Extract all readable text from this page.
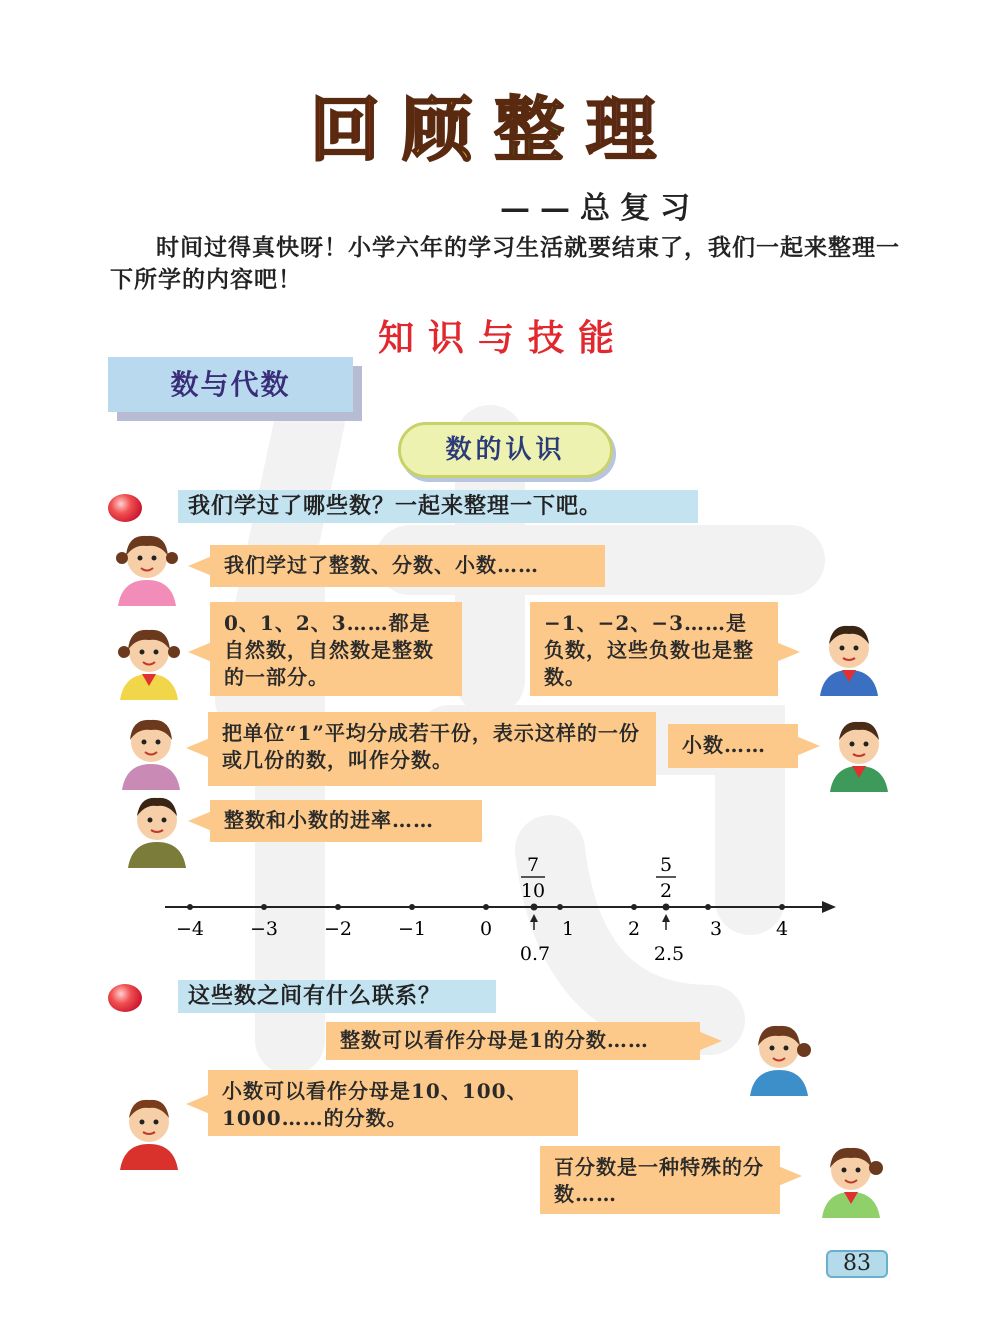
回 顾 整 理
——总复习

时间过得真快呀！小学六年的学习生活就要结束了，我们一起来整理一下所学的内容吧！

知识与技能
数与代数
数的认识
我们学过了哪些数？一起来整理一下吧。
我们学过了整数、分数、小数……
0、1、2、3……都是自然数，自然数是整数的一部分。
−1、−2、−3……是负数，这些负数也是整数。
把单位“1”平均分成若干份，表示这样的一份或几份的数，叫作分数。
小数……
整数和小数的进率……
−4 −3 −2 −1	0	1	2	3	4
7
10
5
2
0.7	2.5
这些数之间有什么联系？
整数可以看作分母是1的分数……
小数可以看作分母是10、100、1000……的分数。
百分数是一种特殊的分数……
83
